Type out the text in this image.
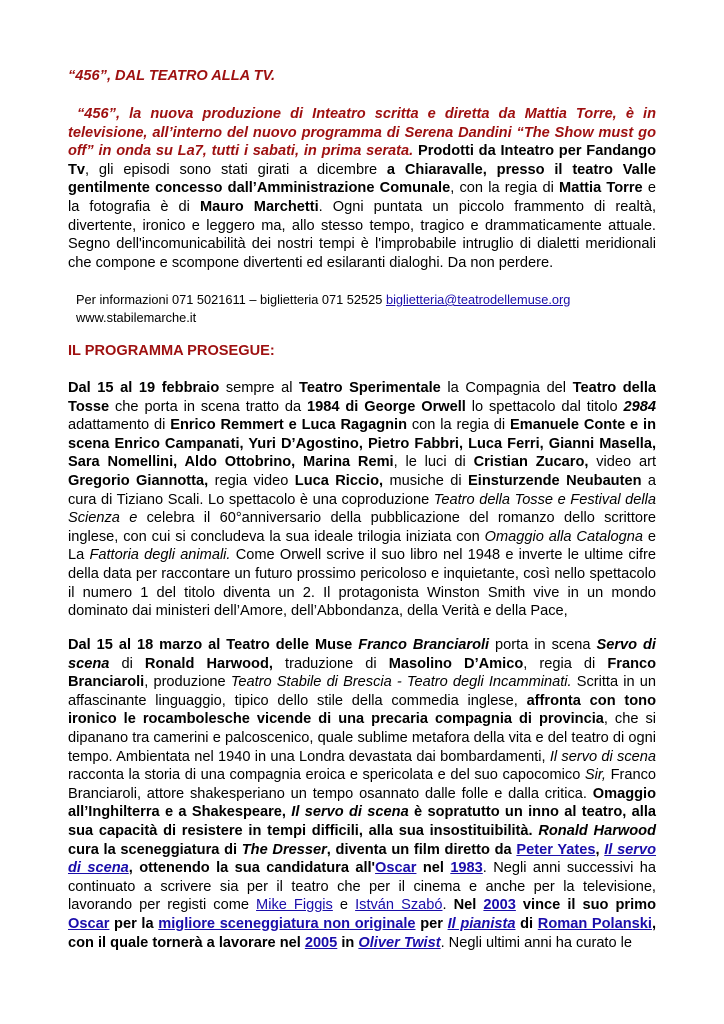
“456”, DAL TEATRO ALLA TV.
“456”, la nuova produzione di Inteatro scritta e diretta da Mattia Torre, è in televisione, all’interno del nuovo programma di Serena Dandini “The Show must go off” in onda su La7, tutti i sabati, in prima serata. Prodotti da Inteatro per Fandango Tv, gli episodi sono stati girati a dicembre a Chiaravalle, presso il teatro Valle gentilmente concesso dall’Amministrazione Comunale, con la regia di Mattia Torre e la fotografia è di Mauro Marchetti. Ogni puntata un piccolo frammento di realtà, divertente, ironico e leggero ma, allo stesso tempo, tragico e drammaticamente attuale. Segno dell'incomunicabilità dei nostri tempi è l'improbabile intruglio di dialetti meridionali che compone e scompone divertenti ed esilaranti dialoghi. Da non perdere.
Per informazioni 071 5021611 – biglietteria 071 52525 biglietteria@teatrodellemuse.org
www.stabilemarche.it
IL PROGRAMMA PROSEGUE:
Dal 15 al 19 febbraio sempre al Teatro Sperimentale la Compagnia del Teatro della Tosse che porta in scena tratto da 1984 di George Orwell lo spettacolo dal titolo 2984 adattamento di Enrico Remmert e Luca Ragagnin con la regia di Emanuele Conte e in scena Enrico Campanati, Yuri D’Agostino, Pietro Fabbri, Luca Ferri, Gianni Masella, Sara Nomellini, Aldo Ottobrino, Marina Remi, le luci di Cristian Zucaro, video art Gregorio Giannotta, regia video Luca Riccio, musiche di Einsturzende Neubauten a cura di Tiziano Scali. Lo spettacolo è una coproduzione Teatro della Tosse e Festival della Scienza e celebra il 60°anniversario della pubblicazione del romanzo dello scrittore inglese, con cui si concludeva la sua ideale trilogia iniziata con Omaggio alla Catalogna e La Fattoria degli animali. Come Orwell scrive il suo libro nel 1948 e inverte le ultime cifre della data per raccontare un futuro prossimo pericoloso e inquietante, così nello spettacolo il numero 1 del titolo diventa un 2. Il protagonista Winston Smith vive in un mondo dominato dai ministeri dell’Amore, dell’Abbondanza, della Verità e della Pace,
Dal 15 al 18 marzo al Teatro delle Muse Franco Branciaroli porta in scena Servo di scena di Ronald Harwood, traduzione di Masolino D’Amico, regia di Franco Branciaroli, produzione Teatro Stabile di Brescia - Teatro degli Incamminati. Scritta in un affascinante linguaggio, tipico dello stile della commedia inglese, affronta con tono ironico le rocambolesche vicende di una precaria compagnia di provincia, che si dipanano tra camerini e palcoscenico, quale sublime metafora della vita e del teatro di ogni tempo. Ambientata nel 1940 in una Londra devastata dai bombardamenti, Il servo di scena racconta la storia di una compagnia eroica e spericolata e del suo capocomico Sir, Franco Branciaroli, attore shakesperiano un tempo osannato dalle folle e dalla critica. Omaggio all’Inghilterra e a Shakespeare, Il servo di scena è sopratutto un inno al teatro, alla sua capacità di resistere in tempi difficili, alla sua insostituibilità. Ronald Harwood cura la sceneggiatura di The Dresser, diventa un film diretto da Peter Yates, Il servo di scena, ottenendo la sua candidatura all'Oscar nel 1983. Negli anni successivi ha continuato a scrivere sia per il teatro che per il cinema e anche per la televisione, lavorando per registi come Mike Figgis e István Szabó. Nel 2003 vince il suo primo Oscar per la migliore sceneggiatura non originale per Il pianista di Roman Polanski, con il quale tornerà a lavorare nel 2005 in Oliver Twist. Negli ultimi anni ha curato le
